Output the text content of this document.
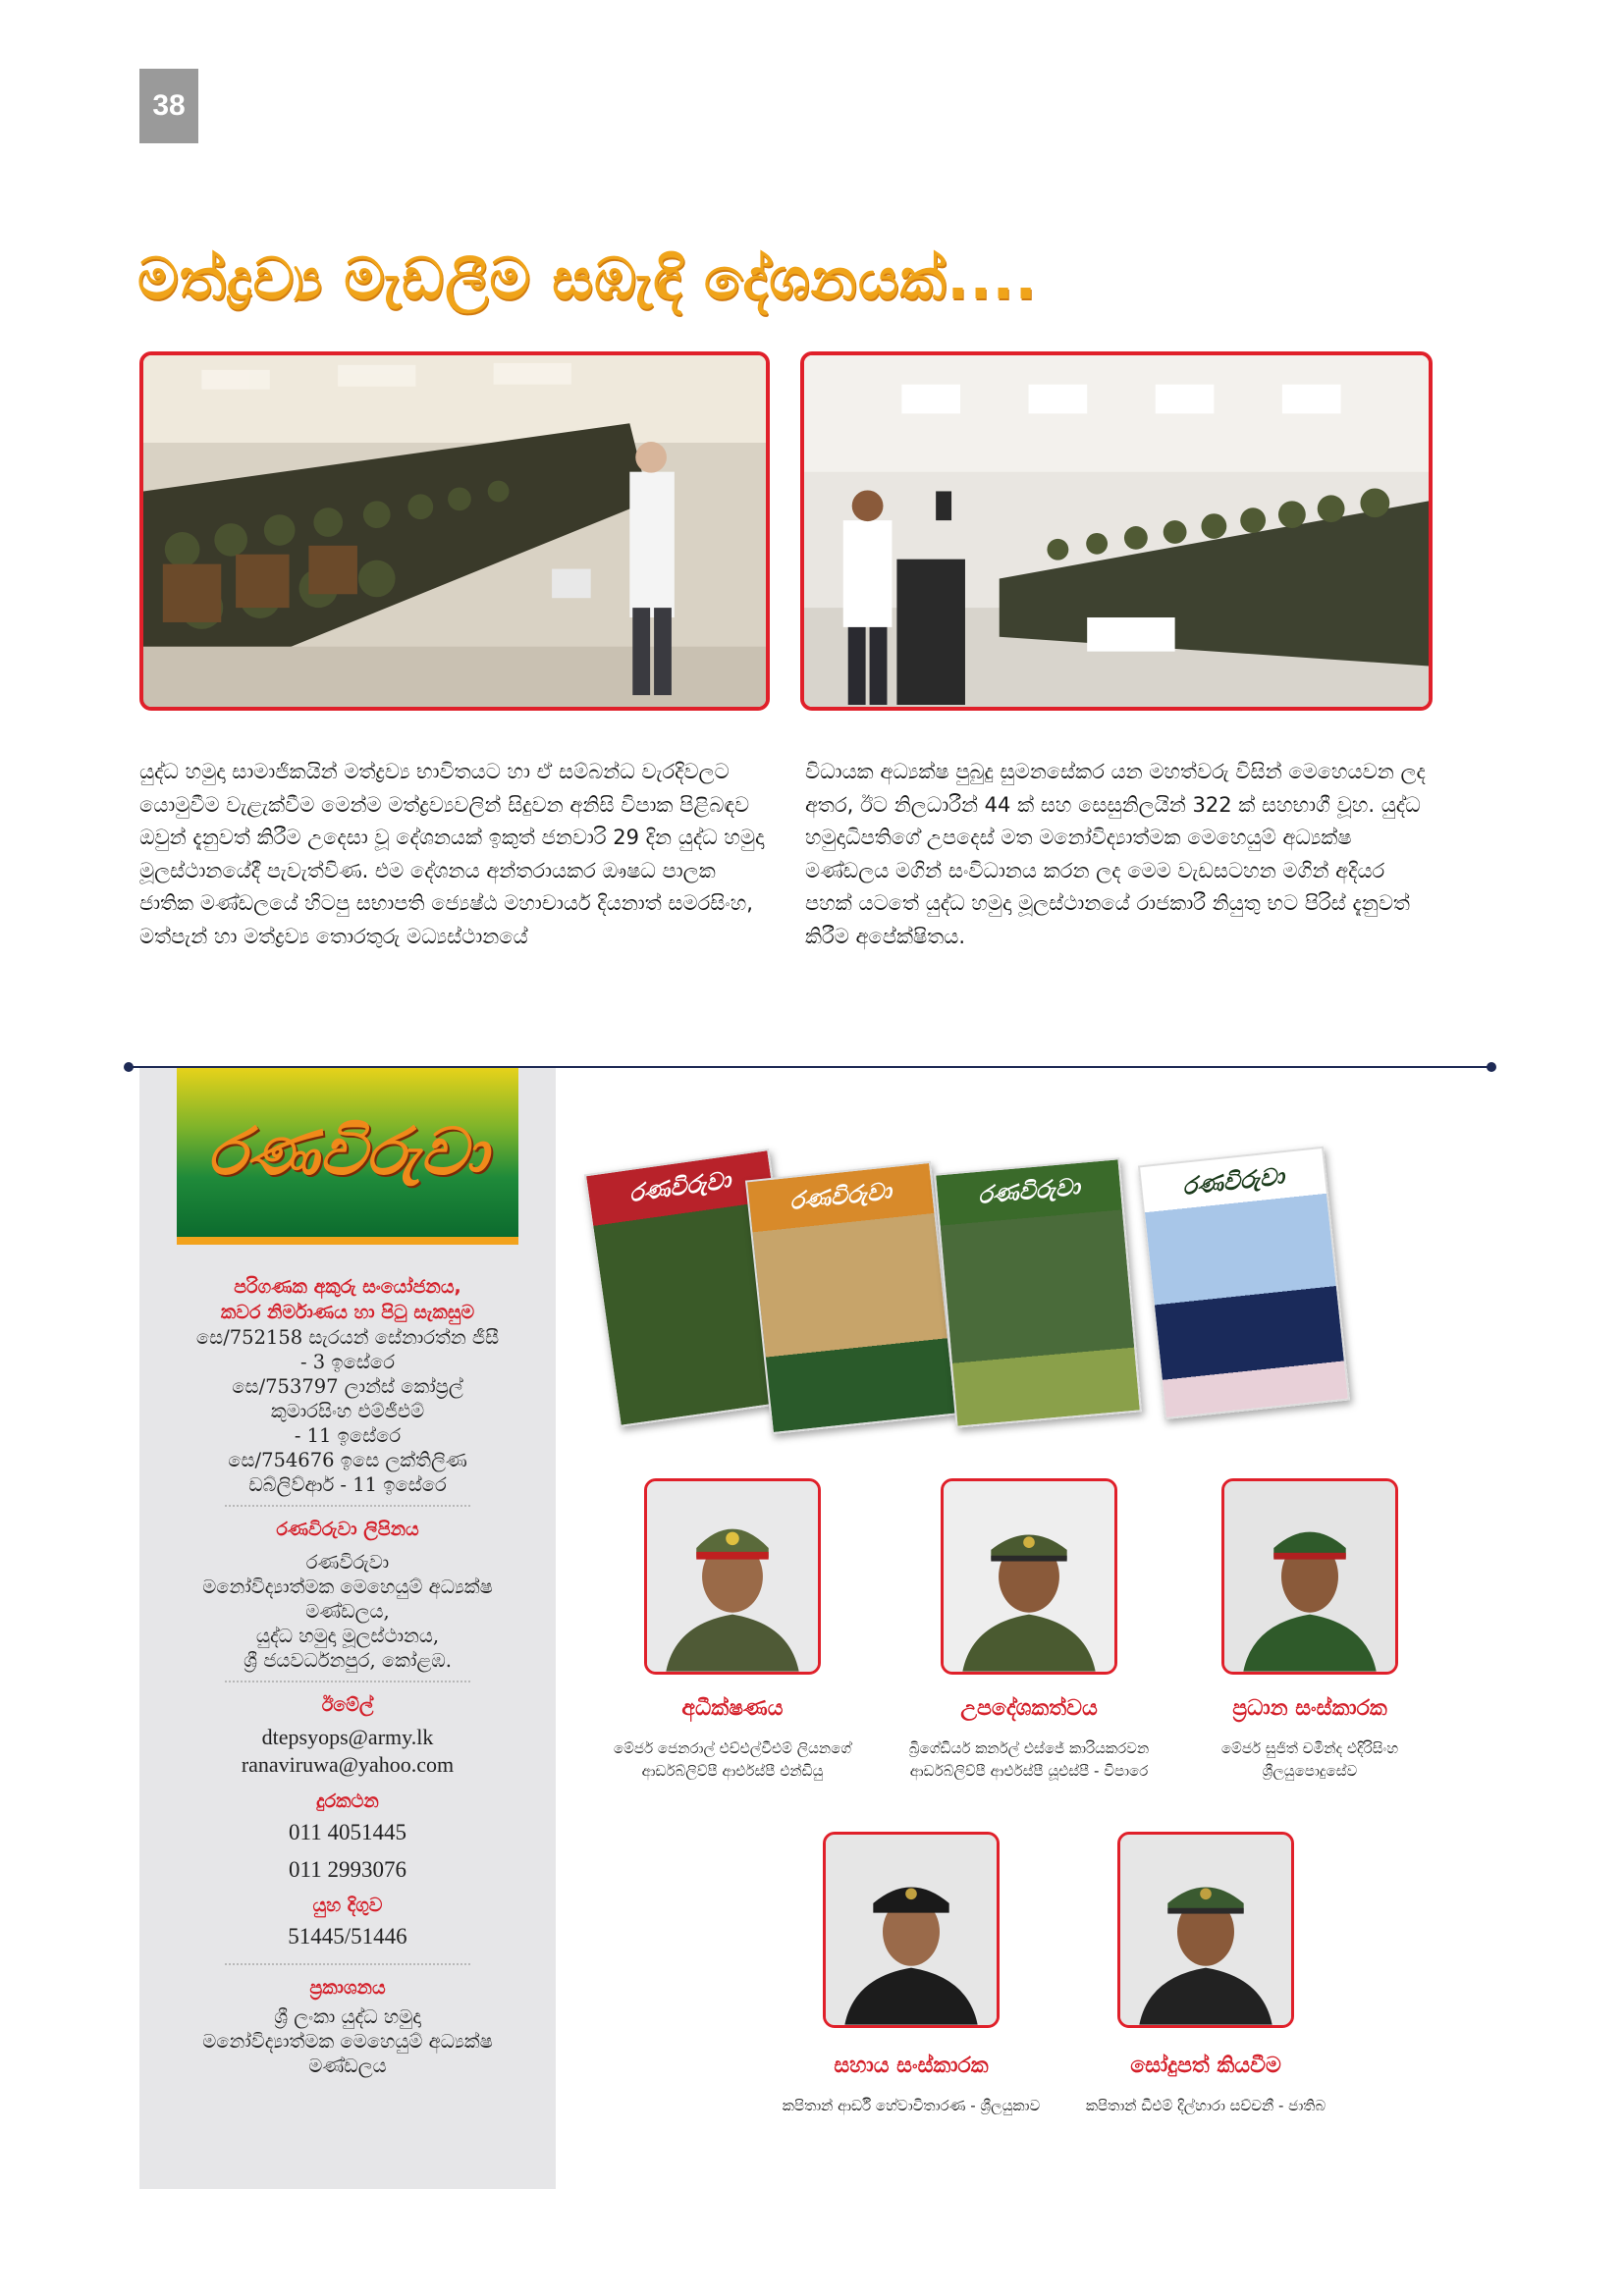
38
මත්ද්‍රව්‍ය මැඩලීම සඹැඳි දේශනයක්....
යුද්ධ හමුදා සාමාජිකයින් මත්ද්‍රව්‍ය භාවිතයට හා ඒ සම්බන්ධ වැරදිවලට යොමුවීම වැළැක්වීම මෙන්ම මත්ද්‍රව්‍යවලින් සිදුවන අනිසි විපාක පිළිබඳව ඔවුන් දැනුවත් කිරීම උදෙසා වූ දේශනයක් ඉකුත් ජනවාරි 29 දින යුද්ධ හමුදා මූලස්ථානයේදී පැවැත්විණ. එම දේශනය අන්තරායකර ඖෂධ පාලක ජාතික මණ්ඩලයේ හිටපු සභාපති ජ්‍යෙෂ්ඨ මහාචාර්ය දියනාත් සමරසිංහ, මත්පැන් හා මත්ද්‍රව්‍ය තොරතුරු මධ්‍යස්ථානයේ
විධායක අධ්‍යක්ෂ පුබුදු සුමනසේකර යන මහත්වරු විසින් මෙහෙයවන ලද අතර, ඊට නිලධාරීන් 44 ක් සහ සෙසුනිලයින් 322 ක් සහභාගී වූහ. යුද්ධ හමුදාධිපතිගේ උපදෙස් මත මනෝවිද්‍යාත්මක මෙහෙයුම් අධ්‍යක්ෂ මණ්ඩලය මගින් සංවිධානය කරන ලද මෙම වැඩසටහන මගින් අදියර පහක් යටතේ යුද්ධ හමුදා මූලස්ථානයේ රාජකාරී නියුතු භට පිරිස් දැනුවත් කිරීම අපේක්ෂිතය.
රණවිරුවා
පරිගණක අකුරු සංයෝජනය,
කවර නිර්මාණය හා පිටු සැකසුම
සෙ/752158 සැරයන් සේනාරත්න ජීසී
- 3 ඉසේරෙ
සෙ/753797 ලාන්ස් කෝප්‍රල්
කුමාරසිංහ එම්ජීඑම්
- 11 ඉසේරෙ
සෙ/754676 ඉසෙ ලක්තිලිණ
ඩබ්ලිව්ආර් - 11 ඉසේරෙ
රණවිරුවා ලිපිනය
රණවිරුවා
මනෝවිද්‍යාත්මක මෙහෙයුම් අධ්‍යක්ෂ
මණ්ඩලය,
යුද්ධ හමුදා මූලස්ථානය,
ශ්‍රී ජයවර්ධනපුර, කෝළඹ.
ඊමේල්
dtepsyops@army.lk
ranaviruwa@yahoo.com
දුරකථන
011 4051445
011 2993076
යුහ දිගුව
51445/51446
ප්‍රකාශනය
ශ්‍රී ලංකා යුද්ධ හමුදා
මනෝවිද්‍යාත්මක මෙහෙයුම් අධ්‍යක්ෂ
මණ්ඩලය
රණවිරුවා	රණවිරුවා	රණවිරුවා	රණවිරුවා
අධීක්ෂණය
මේජර් ජෙනරාල් එච්එල්වීඑම් ලියනගේ
ආර්ඩබ්ලිව්පී ආර්එස්පී එන්ඩියු
උපදේශකත්වය
බ්‍රිගේඩියර් කර්නල් එස්ජේ කාරියකරවන
ආර්ඩබ්ලිව්පී ආර්එස්පී යූඑස්පී - විපාරෙ
ප්‍රධාන සංස්කාරක
මේජර් සුජිත් චමින්ද එදිරිසිංහ
ශ්‍රීලයුපොදුසේව
සහාය සංස්කාරක
කපිතාන් ආර්ඩී හේවාවිතාරණ - ශ්‍රීලයුකාව
සෝදුපත් කියවීම
කපිතාන් ඩීඑම් දිල්හාරා සච්චනී - ජාතිබ
